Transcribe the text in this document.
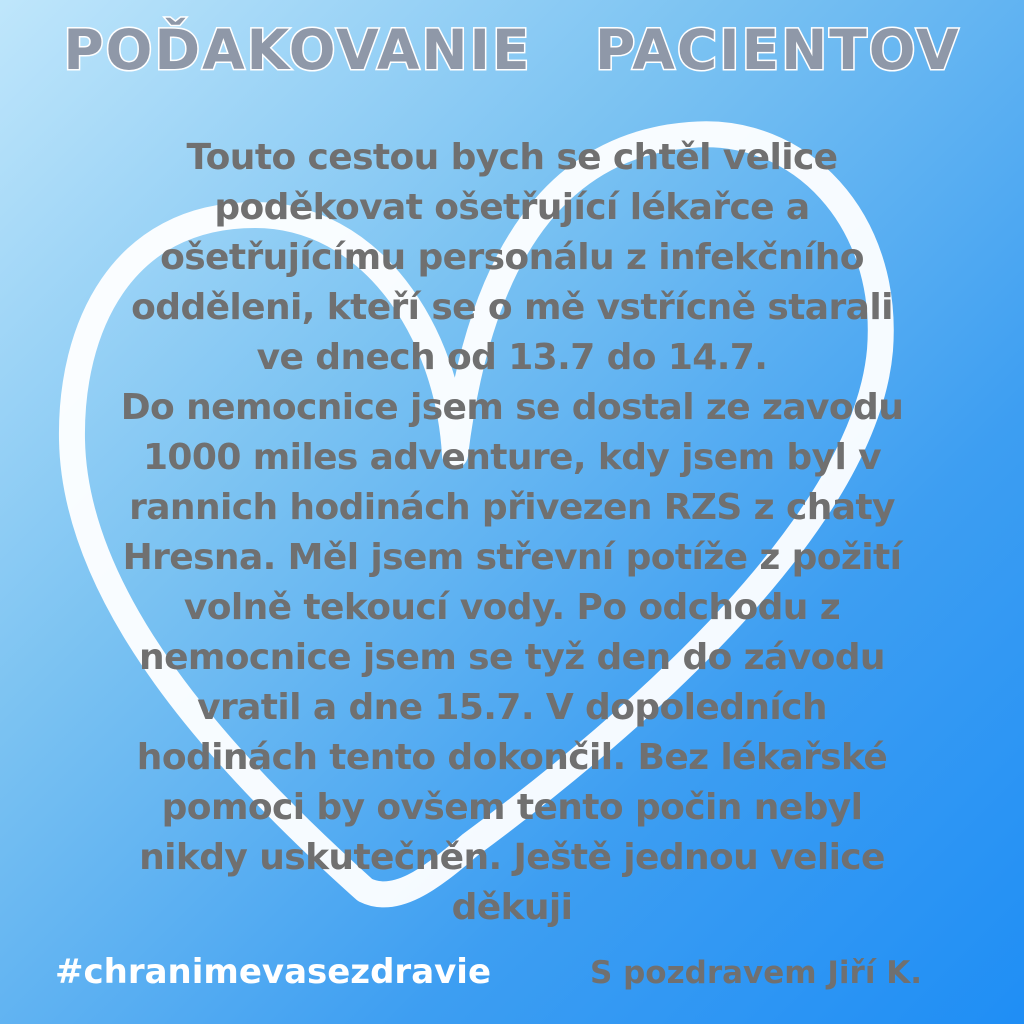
POĎAKOVANIE   PACIENTOV
Touto cestou bych se chtěl velice
poděkovat ošetřující lékařce a
ošetřujícímu personálu z infekčního
odděleni, kteří se o mě vstřícně starali
ve dnech od 13.7 do 14.7.
Do nemocnice jsem se dostal ze zavodu
1000 miles adventure, kdy jsem byl v
rannich hodinách přivezen RZS z chaty
Hresna. Měl jsem střevní potíže z požití
volně tekoucí vody. Po odchodu z
nemocnice jsem se tyž den do závodu
vratil a dne 15.7. V dopoledních
hodinách tento dokončil. Bez lékařské
pomoci by ovšem tento počin nebyl
nikdy uskutečněn. Ještě jednou velice
děkuji
#chranimevasezdravie	S pozdravem Jiří K.
